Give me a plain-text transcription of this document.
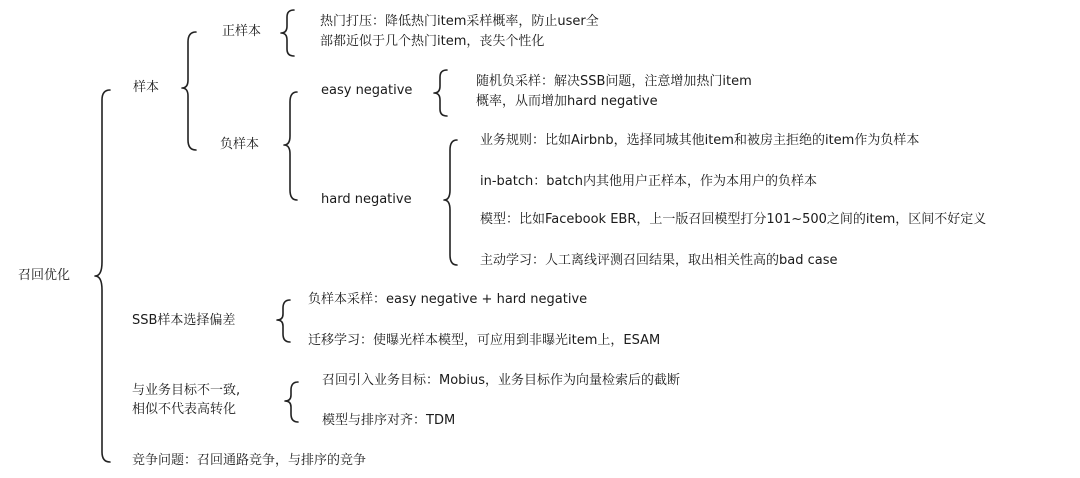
召回优化
样本
正样本
热门打压：降低热门item采样概率，防止user全
部都近似于几个热门item，丧失个性化
负样本
easy negative
随机负采样：解决SSB问题，注意增加热门item
概率，从而增加hard negative
hard negative
业务规则：比如Airbnb，选择同城其他item和被房主拒绝的item作为负样本
in-batch：batch内其他用户正样本，作为本用户的负样本
模型：比如Facebook EBR，上一版召回模型打分101~500之间的item，区间不好定义
主动学习：人工离线评测召回结果，取出相关性高的bad case
SSB样本选择偏差
负样本采样：easy negative + hard negative
迁移学习：使曝光样本模型，可应用到非曝光item上，ESAM
与业务目标不一致,
相似不代表高转化
召回引入业务目标：Mobius，业务目标作为向量检索后的截断
模型与排序对齐：TDM
竞争问题：召回通路竞争，与排序的竞争
